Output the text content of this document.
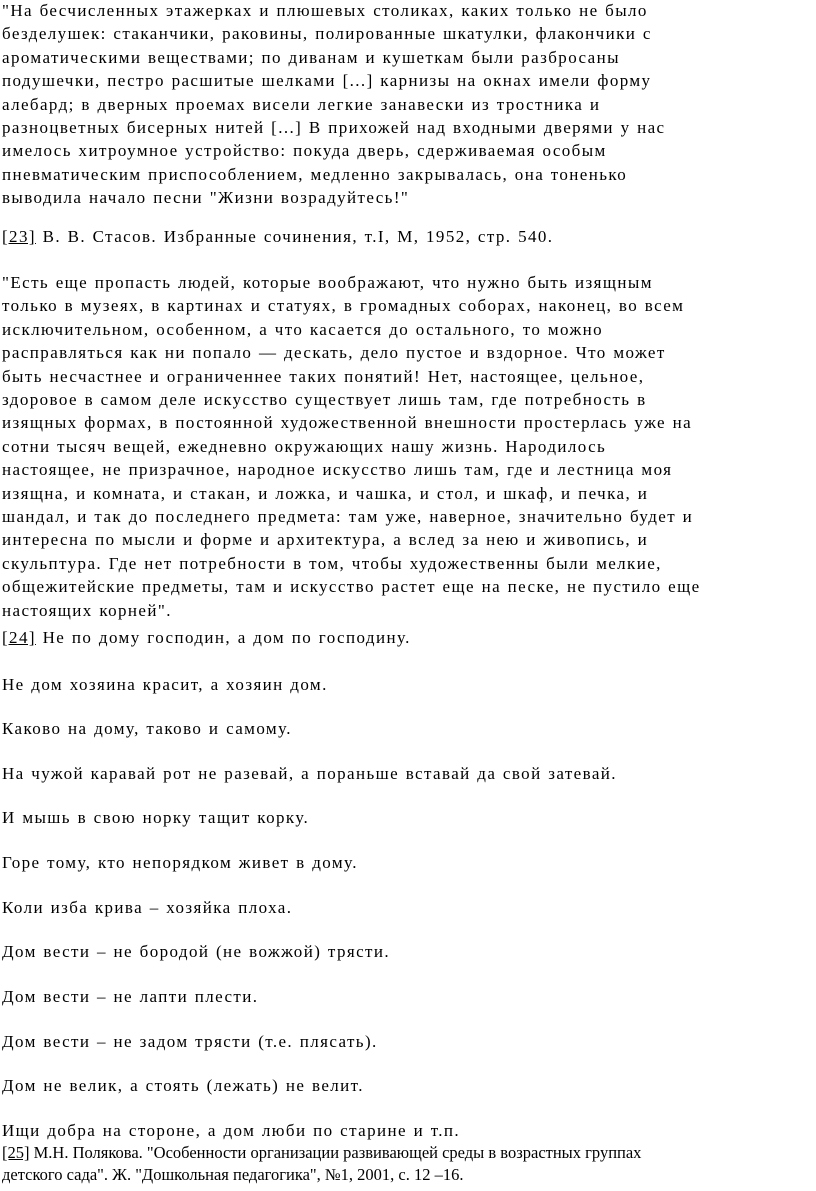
"На бесчисленных этажерках и плюшевых столиках, каких только не было
безделушек: стаканчики, раковины, полированные шкатулки, флакончики с
ароматическими веществами; по диванам и кушеткам были разбросаны
подушечки, пестро расшитые шелками [...] карнизы на окнах имели форму
алебард; в дверных проемах висели легкие занавески из тростника и
разноцветных бисерных нитей [...] В прихожей над входными дверями у нас
имелось хитроумное устройство: покуда дверь, сдерживаемая особым
пневматическим приспособлением, медленно закрывалась, она тоненько
выводила начало песни "Жизни возрадуйтесь!"

[23] В. В. Стасов. Избранные сочинения, т.I, М, 1952, стр. 540.

"Есть еще пропасть людей, которые воображают, что нужно быть изящным
только в музеях, в картинах и статуях, в громадных соборах, наконец, во всем
исключительном, особенном, а что касается до остального, то можно
расправляться как ни попало — дескать, дело пустое и вздорное. Что может
быть несчастнее и ограниченнее таких понятий! Нет, настоящее, цельное,
здоровое в самом деле искусство существует лишь там, где потребность в
изящных формах, в постоянной художественной внешности простерлась уже на
сотни тысяч вещей, ежедневно окружающих нашу жизнь. Народилось
настоящее, не призрачное, народное искусство лишь там, где и лестница моя
изящна, и комната, и стакан, и ложка, и чашка, и стол, и шкаф, и печка, и
шандал, и так до последнего предмета: там уже, наверное, значительно будет и
интересна по мысли и форме и архитектура, а вслед за нею и живопись, и
скульптура. Где нет потребности в том, чтобы художественны были мелкие,
общежитейские предметы, там и искусство растет еще на песке, не пустило еще
настоящих корней".

[24] Не по дому господин, а дом по господину.

Не дом хозяина красит, а хозяин дом.

Каково на дому, таково и самому.

На чужой каравай рот не разевай, а пораньше вставай да свой затевай.

И мышь в свою норку тащит корку.

Горе тому, кто непорядком живет в дому.

Коли изба крива – хозяйка плоха.

Дом вести – не бородой (не вожжой) трясти.

Дом вести – не лапти плести.

Дом вести – не задом трясти (т.е. плясать).

Дом не велик, а стоять (лежать) не велит.

Ищи добра на стороне, а дом люби по старине и т.п.

[25] М.Н. Полякова. "Особенности организации развивающей среды в возрастных группах
детского сада". Ж. "Дошкольная педагогика", №1, 2001, с. 12 –16.
